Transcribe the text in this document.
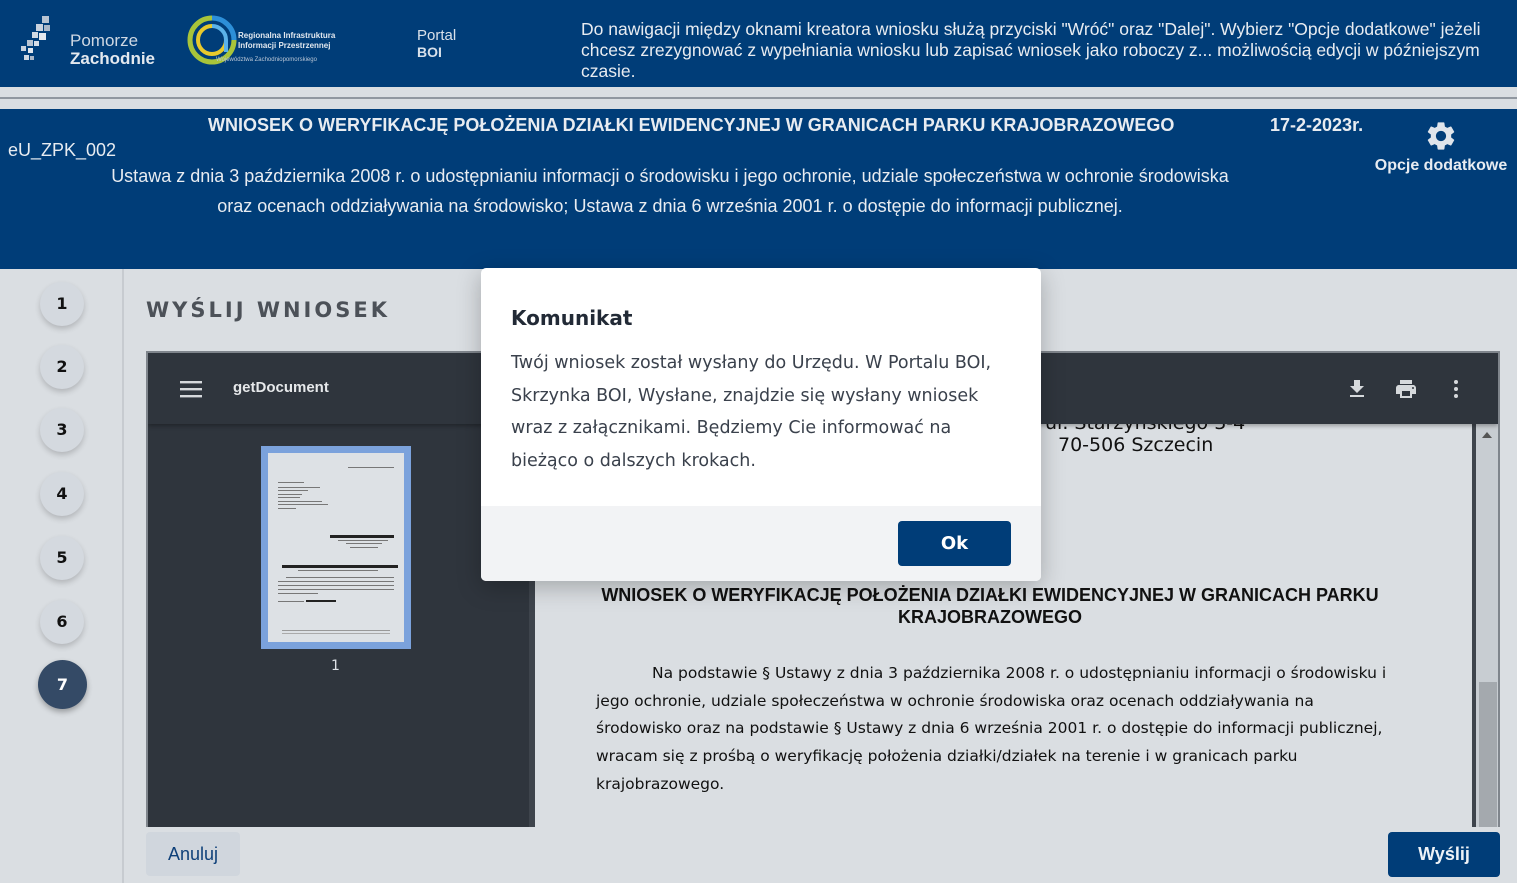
Pomorze
Zachodnie
Regionalna Infrastruktura
Informacji Przestrzennej
Województwa Zachodniopomorskiego
Portal
BOI
Do nawigacji między oknami kreatora wniosku służą przyciski "Wróć" oraz "Dalej". Wybierz "Opcje dodatkowe" jeżeli chcesz zrezygnować z wypełniania wniosku lub zapisać wniosek jako roboczy z... możliwością edycji w późniejszym czasie.
eU_ZPK_002
WNIOSEK O WERYFIKACJĘ POŁOŻENIA DZIAŁKI EWIDENCYJNEJ W GRANICACH PARKU KRAJOBRAZOWEGO	17-2-2023r.
Ustawa z dnia 3 października 2008 r. o udostępnianiu informacji o środowisku i jego ochronie, udziale społeczeństwa w ochronie środowiska oraz ocenach oddziaływania na środowisko; Ustawa z dnia 6 września 2001 r. o dostępie do informacji publicznej.
Opcje dodatkowe
1
2
3
4
5
6
7
WYŚLIJ WNIOSEK
getDocument
1
70-506 Szczecin
WNIOSEK O WERYFIKACJĘ POŁOŻENIA DZIAŁKI EWIDENCYJNEJ W GRANICACH PARKU KRAJOBRAZOWEGO
Na podstawie § Ustawy z dnia 3 października 2008 r. o udostępnianiu informacji o środowisku i jego ochronie, udziale społeczeństwa w ochronie środowiska oraz ocenach oddziaływania na środowisko oraz na podstawie § Ustawy z dnia 6 września 2001 r. o dostępie do informacji publicznej, wracam się z prośbą o weryfikację położenia działki/działek na terenie i w granicach parku krajobrazowego.
Anuluj	Wyślij
Komunikat
Twój wniosek został wysłany do Urzędu. W Portalu BOI, Skrzynka BOI, Wysłane, znajdzie się wysłany wniosek wraz z załącznikami. Będziemy Cie informować na bieżąco o dalszych krokach.
Ok
